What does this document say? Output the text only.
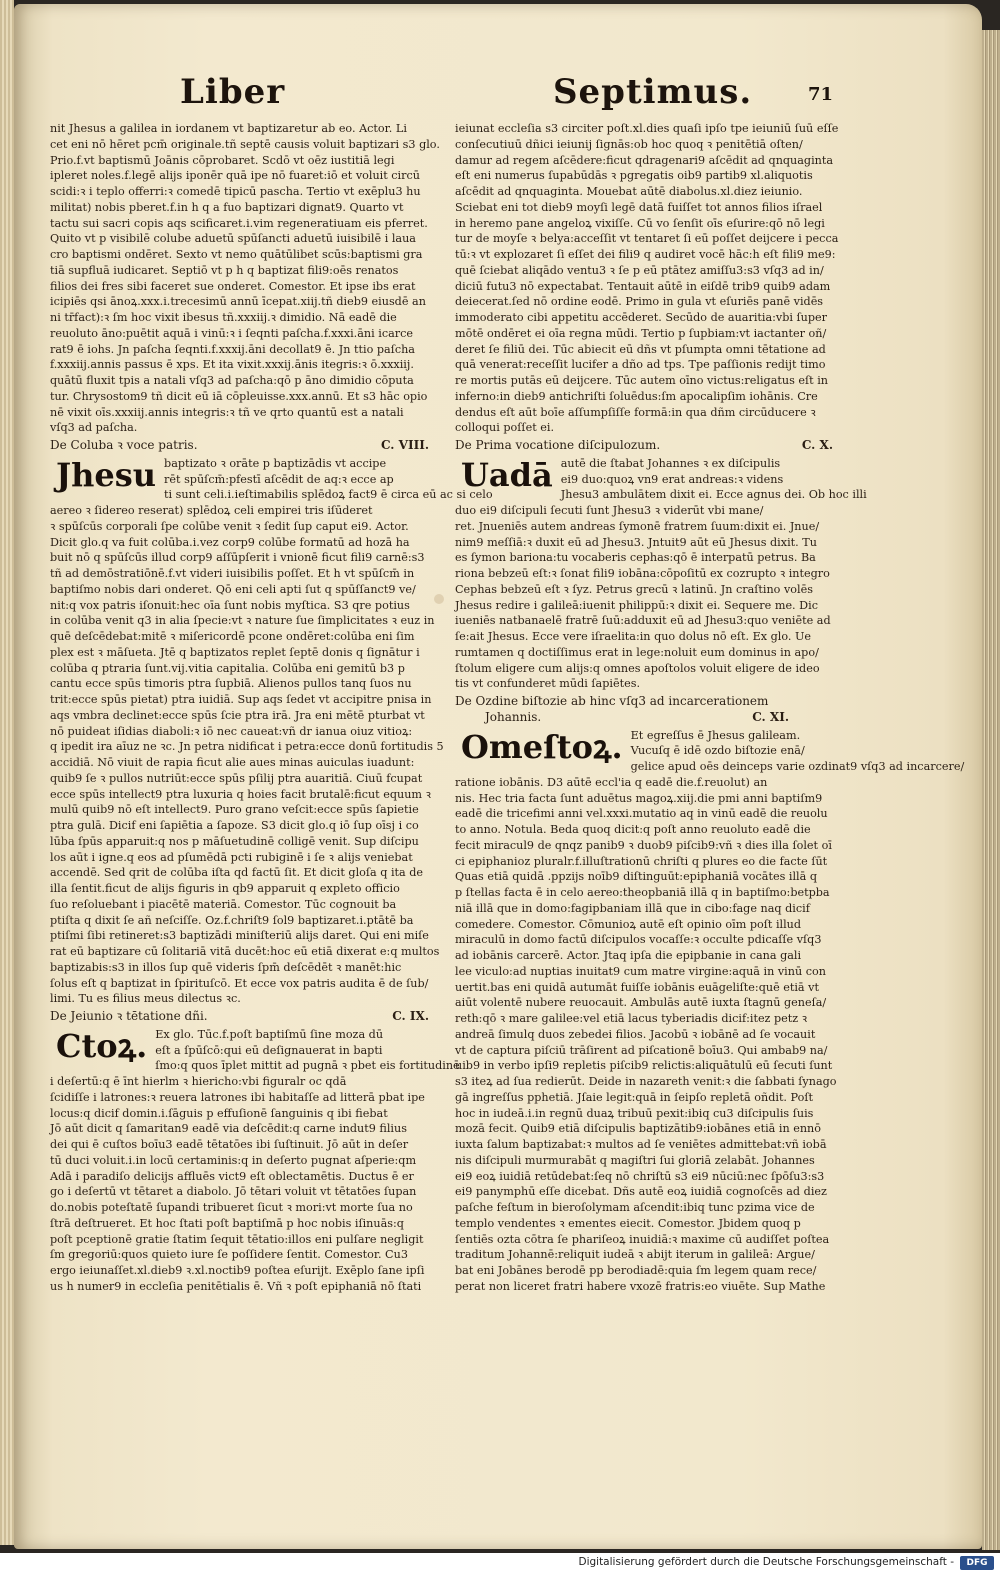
Liber	Septimus.	71
nit Jhesus a galilea in iordanem vt baptizaretur ab eo. Actor. Li
cet eni nō hēret pcm̄ originale.tñ septē causis voluit baptizari s3 glo.
Prio.f.vt baptismū Joānis cōprobaret. Scdō vt oēz iustitiā legi
ipleret noles.f.legē alijs iponēr quā ipe nō fuaret:iō et voluit circū
scidi:ꝛ i teplo offerri:ꝛ comedē tipicū pascha. Tertio vt exēplu3 hu
militat) nobis pberet.f.in h q a fuo baptizari dignat9. Quarto vt
tactu sui sacri copis aqs scificaret.i.vim regeneratiuam eis pferret.
Quito vt p visibilē colube aduetū spūſancti aduetū iuisibilē i laua
cro baptismi ondēret. Sexto vt nemo quātūlibet scūs:baptismi gra
tiā supfluā iudicaret. Septiō vt p h q baptizat fili9:oēs renatos
filios dei fres sibi faceret sue onderet. Comestor. Et ipse ibs erat
icipiēs qsi ānoꝝ.xxx.i.trecesimū annū īcepat.xiij.tñ dieb9 eiusdē an
ni tr̄fact):ꝛ ſm hoc vixit ibesus tñ.xxxiij.ꝛ dimidio. Nā eadē die
reuoluto āno:puētit aquā i vinū:ꝛ i ſeqnti paſcha.f.xxxi.āni icarce
rat9 ē iohs. Jn paſcha ſeqnti.f.xxxij.āni decollat9 ē. Jn ttio paſcha
f.xxxiij.annis passus ē xps. Et ita vixit.xxxij.ānis itegris:ꝛ ō.xxxiij.
quātū fluxit tpis a natali vſq3 ad paſcha:qō p āno dimidio cōputa
tur. Chrysostom9 tñ dicit eū iā cōpleuisse.xxx.annū. Et s3 hāc opio
nē vixit oīs.xxxiij.annis integris:ꝛ tñ ve qrto quantū est a natali
vſq3 ad paſcha.
De Coluba ꝛ voce patris.	C. VIII.
Jhesu baptizato ꝛ orāte p baptizādis vt accipe
rēt spūſcm̄:pfestī aſcēdit de aq:ꝛ ecce ap
ti sunt celi.i.ieſtimabilis splēdoꝝ fact9 ē circa eū ac si celo
aereo ꝛ ſidereo reserat) splēdoꝝ celi empirei tris iſūderet
ꝛ spūſcūs corporali ſpe colūbe venit ꝛ ſedit ſup caput ei9. Actor.
Dicit glo.q va fuit colūba.i.vez corp9 colūbe formatū ad hozā ha
buit nō q spūſcūs illud corp9 aſſūpſerit i vnionē ficut fili9 carnē:s3
tñ ad demōstratiōnē.f.vt videri iuisibilis poſſet. Et h vt spūſcm̄ in
baptiſmo nobis dari onderet. Qō eni celi apti ſut q spūſſanct9 ve/
nit:q vox patris iſonuit:hec oīa ſunt nobis myſtica. S3 qre potius
in colūba venit q3 in alia ſpecie:vt ꝛ nature ſue ſimplicitates ꝛ euz in
quē deſcēdebat:mitē ꝛ miſericordē pcone ondēret:colūba eni ſim
plex est ꝛ māſueta. Jtē q baptizatos replet ſeptē donis q ſignātur i
colūba q ptraria ſunt.vij.vitia capitalia. Colūba eni gemitū b3 p
cantu ecce spūs timoris ptra ſupbiā. Alienos pullos tanq ſuos nu
trit:ecce spūs pietat) ptra iuidiā. Sup aqs ſedet vt accipitre pnisa in
aqs vmbra declinet:ecce spūs ſcie ptra irā. Jra eni mētē pturbat vt
nō puideat iſidias diaboli:ꝛ iō nec caueat:vñ dr ianua oiuz vitioꝝ:
q ipedit ira aīuz ne ꝛc. Jn petra nidificat i petra:ecce donū fortitudis 5
accidiā. Nō viuit de rapia ficut alie aues minas auiculas iuadunt:
quib9 ſe ꝛ pullos nutriūt:ecce spūs pſilij ptra auaritiā. Ciuū fcupat
ecce spūs intellect9 ptra luxuria q hoies facit brutalē:ficut equum ꝛ
mulū quib9 nō eſt intellect9. Puro grano veſcit:ecce spūs ſapietie
ptra gulā. Dicif eni ſapiētia a ſapoze. S3 dicit glo.q iō ſup oīsj i co
lūba ſpūs apparuit:q nos p māſuetudinē colligē venit. Sup diſcipu
los aūt i igne.q eos ad pſumēdā pcti rubiginē i ſe ꝛ alijs veniebat
accendē. Sed qrit de colūba iſta qd factū ſit. Et dicit gloſa q ita de
illa ſentit.ficut de alijs figuris in qb9 apparuit q expleto officio
ſuo reſoluebant i piacētē materiā. Comestor. Tūc cognouit ba
ptiſta q dixit ſe añ neſciſſe. Oz.f.chriſt9 ſol9 baptizaret.i.ptātē ba
ptiſmi ſibi retineret:s3 baptizādi miniſteriū alijs daret. Qui eni miſe
rat eū baptizare cū ſolitariā vitā ducēt:hoc eū etiā dixerat e:q multos
baptizabis:s3 in illos ſup quē videris ſpm̄ deſcēdēt ꝛ manēt:hic
ſolus eſt q baptizat in ſpirituſcō. Et ecce vox patris audita ē de ſub/
limi. Tu es filius meus dilectus ꝛc.
De Jeiunio ꝛ tētatione dñi.	C. IX.
Ctoꝝ. Ex glo. Tūc.f.poſt baptiſmū ſine moza dū
eſt a ſpūſcō:qui eū deſignauerat in bapti
ſmo:q quos īplet mittit ad pugnā ꝛ pbet eis fortitudinē
i deſertū:q ē īnt hierlm ꝛ hiericho:vbi figuralr oc qdā
ſcidiſſe i latrones:ꝛ reuera latrones ibi habitaſſe ad litterā pbat ipe
locus:q dicif domin.i.ſāguis p effuſionē ſanguinis q ibi fiebat
Jō aūt dicit q ſamaritan9 eadē via deſcēdit:q carne indut9 filius
dei qui ē cuſtos boīu3 eadē tētatōes ibi ſuſtinuit. Jō aūt in deſer
tū duci voluit.i.in locū certaminis:q in deſerto pugnat aſperie:qm
Adā i paradiſo delicijs affluēs vict9 eſt oblectamētis. Ductus ē er
go i deſertū vt tētaret a diabolo. Jō tētari voluit vt tētatōes ſupan
do.nobis poteſtatē ſupandi tribueret ſicut ꝛ mori:vt morte ſua no
ſtrā deſtrueret. Et hoc ſtati poſt baptiſmā p hoc nobis iſinuās:q
poſt pceptionē gratie ſtatim ſequit tētatio:illos eni pulſare negligit
ſm gregoriū:quos quieto iure ſe poſſidere ſentit. Comestor. Cu3
ergo ieiunaſſet.xl.dieb9 ꝛ.xl.noctib9 poſtea eſurijt. Exēplo ſane ipſi
us h numer9 in eccleſia penitētialis ē. Vñ ꝛ poſt epiphaniā nō ſtati
ieiunat eccleſia s3 circiter poſt.xl.dies quaſi ipſo tpe ieiuniū ſuū eſſe
conſecutiuū dñici ieiunij ſignās:ob hoc quoq ꝛ penitētiā oſten/
damur ad regem aſcēdere:ficut qdragenari9 aſcēdit ad qnquaginta
eſt eni numerus ſupabūdās ꝛ pgregatis oib9 partib9 xl.aliquotis
aſcēdit ad qnquaginta. Mouebat aūtē diabolus.xl.diez ieiunio.
Sciebat eni tot dieb9 moyſi legē datā fuiſſet tot annos filios iſrael
in heremo pane angeloꝝ vixiſſe. Cū vo ſenſit oīs eſurire:qō nō legi
tur de moyſe ꝛ belya:acceſſit vt tentaret ſi eū poſſet deijcere i pecca
tū:ꝛ vt explozaret ſi eſſet dei fili9 q audiret vocē hāc:h eſt fili9 me9:
quē ſciebat aliqādo ventu3 ꝛ ſe p eū ptātez amiſſu3:s3 vſq3 ad in/
diciū futu3 nō expectabat. Tentauit aūtē in eiſdē trib9 quib9 adam
deiecerat.ſed nō ordine eodē. Primo in gula vt eſuriēs panē vidēs
immoderato cibi appetitu accēderet. Secūdo de auaritia:vbi ſuper
mōtē ondēret ei oīa regna mūdi. Tertio p ſupbiam:vt iactanter oñ/
deret ſe filiū dei. Tūc abiecit eū dñs vt pſumpta omni tētatione ad
quā venerat:receſſit lucifer a dño ad tps. Tpe paſſionis redijt timo
re mortis putās eū deijcere. Tūc autem oīno victus:religatus eſt in
inferno:in dieb9 antichriſti ſoluēdus:ſm apocalipſim iohānis. Cre
dendus eſt aūt boīe aſſumpſiſſe formā:in qua dñm circūducere ꝛ
colloqui poſſet ei.
De Prima vocatione diſcipulozum.	C. X.
Uadā autē die ſtabat Johannes ꝛ ex diſcipulis
ei9 duo:quoꝝ vn9 erat andreas:ꝛ videns
Jhesu3 ambulātem dixit ei. Ecce agnus dei. Ob hoc illi
duo ei9 diſcipuli ſecuti ſunt Jhesu3 ꝛ viderūt vbi mane/
ret. Jnueniēs autem andreas ſymonē fratrem ſuum:dixit ei. Jnue/
nim9 meſſiā:ꝛ duxit eū ad Jhesu3. Jntuit9 aūt eū Jhesus dixit. Tu
es ſymon bariona:tu vocaberis cephas:qō ē interpatū petrus. Ba
riona bebzeū eſt:ꝛ ſonat fili9 iobāna:cōpoſitū ex cozrupto ꝛ integro
Cephas bebzeū eſt ꝛ ſyz. Petrus grecū ꝛ latinū. Jn craſtino volēs
Jhesus redire i galileā:iuenit philippū:ꝛ dixit ei. Sequere me. Dic
iueniēs natbanaelē fratrē ſuū:adduxit eū ad Jhesu3:quo veniēte ad
ſe:ait Jhesus. Ecce vere iſraelita:in quo dolus nō eſt. Ex glo. Ue
rumtamen q doctiſſimus erat in lege:noluit eum dominus in apo/
ſtolum eligere cum alijs:q omnes apoſtolos voluit eligere de ideo
tis vt confunderet mūdi ſapiētes.
De Ozdine biſtozie ab hinc vſq3 ad incarcerationem
Johannis.	C. XI.
Omeſtoꝝ. Et egreſſus ē Jhesus galileam.
Vucuſq ē idē ozdo biſtozie enā/
gelice apud oēs deinceps varie ozdinat9 vſq3 ad incarcere/
ratione iobānis. D3 aūtē eccl'ia q eadē die.f.reuolut) an
nis. Hec tria facta ſunt aduētus magoꝝ.xiij.die pmi anni baptiſm9
eadē die tricefimi anni vel.xxxi.mutatio aq in vinū eadē die reuolu
to anno. Notula. Beda quoq dicit:q poſt anno reuoluto eadē die
fecit miracul9 de qnqz panib9 ꝛ duob9 piſcib9:vñ ꝛ dies illa ſolet oī
ci epiphanioz pluralr.f.illuſtrationū chriſti q plures eo die facte ſūt
Quas etiā quidā .ppzijs noīb9 diſtinguūt:epiphaniā vocātes illā q
p ſtellas facta ē in celo aereo:theopbaniā illā q in baptiſmo:betpba
niā illā que in domo:fagipbaniam illā que in cibo:fage naq dicif
comedere. Comestor. Cōmunioꝝ autē eſt opinio oīm poſt illud
miraculū in domo factū diſcipulos vocaſſe:ꝛ occulte pdicaſſe vſq3
ad iobānis carcerē. Actor. Jtaq ipſa die epipbanie in cana gali
lee viculo:ad nuptias inuitat9 cum matre virgine:aquā in vinū con
uertit.bas eni quidā autumāt fuiſſe iobānis euāgeliſte:quē etiā vt
aiūt volentē nubere reuocauit. Ambulās autē iuxta ſtagnū geneſa/
reth:qō ꝛ mare galilee:vel etiā lacus tyberiadis dicif:itez petz ꝛ
andreā ſimulq duos zebedei filios. Jacobū ꝛ iobānē ad ſe vocauit
vt de captura piſciū trāſirent ad piſcationē boīu3. Qui ambab9 na/
uib9 in verbo ipſi9 repletis piſcib9 relictis:aliquātulū eū ſecuti ſunt
s3 iteꝝ ad ſua redierūt. Deide in nazareth venit:ꝛ die ſabbati ſynago
gā ingreſſus pphetiā. Jſaie legit:quā in ſeipſo repletā oñdit. Poſt
hoc in iudeā.i.in regnū duaꝝ tribuū pexit:ibiq cu3 diſcipulis ſuis
mozā fecit. Quib9 etiā diſcipulis baptizātib9:iobānes etiā in ennō
iuxta ſalum baptizabat:ꝛ multos ad ſe veniētes admittebat:vñ iobā
nis diſcipuli murmurabāt q magiſtri ſui gloriā zelabāt. Johannes
ei9 eoꝝ iuidiā retūdebat:ſeq nō chriſtū s3 ei9 nūciū:nec ſpōſu3:s3
ei9 panymphū eſſe dicebat. Dñs autē eoꝝ iuidiā cognoſcēs ad diez
paſche feſtum in bieroſolymam aſcendit:ibiq tunc pzima vice de
templo vendentes ꝛ ementes eiecit. Comestor. Jbidem quoq p
ſentiēs ozta cōtra ſe phariſeoꝝ inuidiā:ꝛ maxime cū audiſſet poſtea
traditum Johannē:reliquit iudeā ꝛ abijt iterum in galileā: Argue/
bat eni Jobānes berodē pp berodiadē:quia ſm legem quam rece/
perat non liceret fratri habere vxozē fratris:eo viuēte. Sup Mathe
Digitalisierung gefördert durch die Deutsche Forschungsgemeinschaft -	DFG
